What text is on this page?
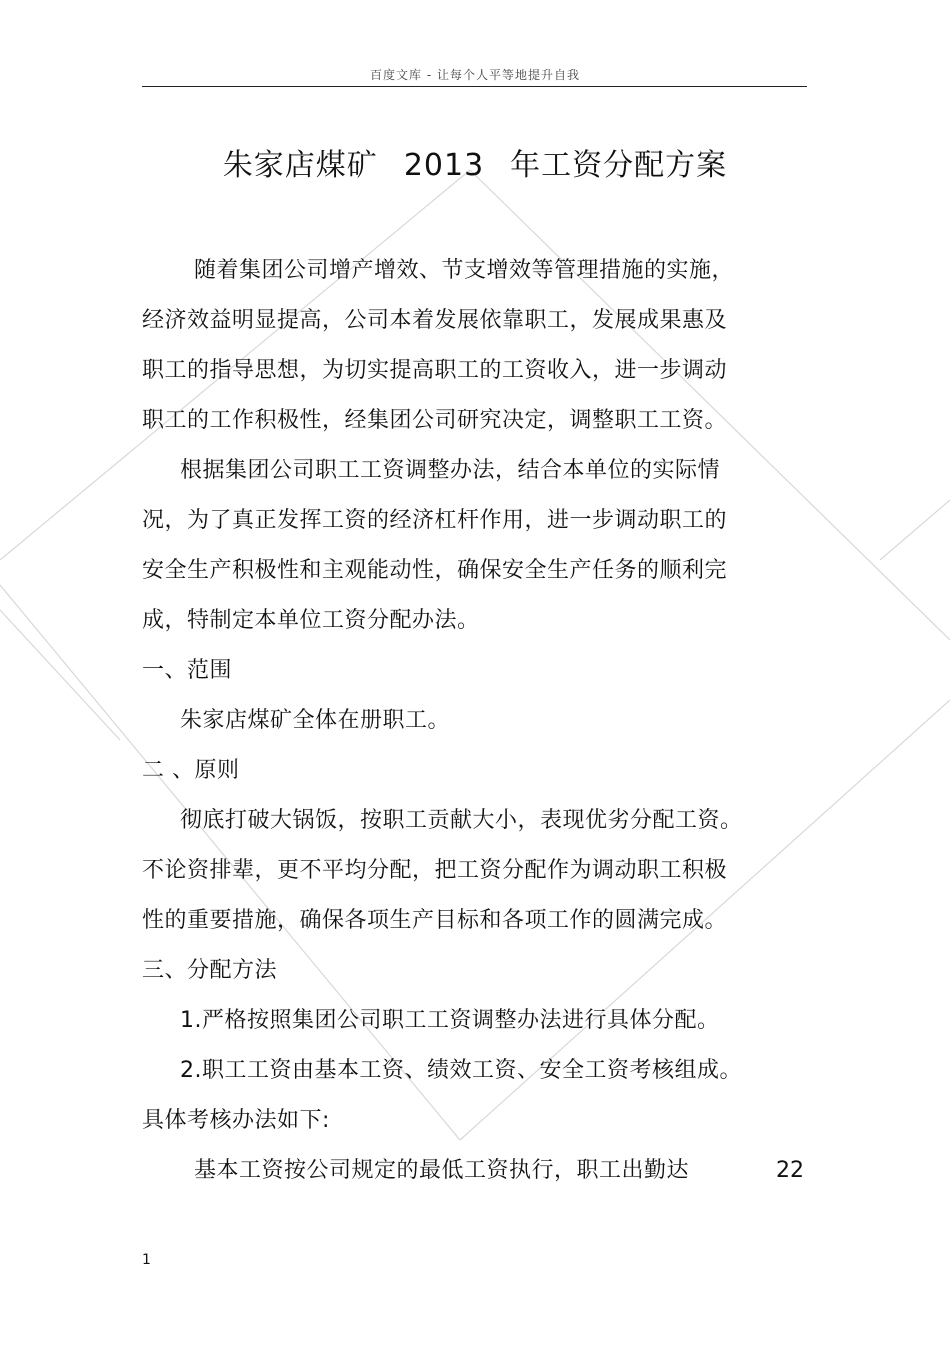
百度文库 - 让每个人平等地提升自我
朱家店煤矿 2013 年工资分配方案
随着集团公司增产增效、节支增效等管理措施的实施，
经济效益明显提高，公司本着发展依靠职工，发展成果惠及
职工的指导思想，为切实提高职工的工资收入，进一步调动
职工的工作积极性，经集团公司研究决定，调整职工工资。
根据集团公司职工工资调整办法，结合本单位的实际情
况，为了真正发挥工资的经济杠杆作用，进一步调动职工的
安全生产积极性和主观能动性，确保安全生产任务的顺利完
成，特制定本单位工资分配办法。
一、范围
朱家店煤矿全体在册职工。
二 、原则
彻底打破大锅饭，按职工贡献大小，表现优劣分配工资。
不论资排辈，更不平均分配，把工资分配作为调动职工积极
性的重要措施，确保各项生产目标和各项工作的圆满完成。
三、分配方法
1.严格按照集团公司职工工资调整办法进行具体分配。
2.职工工资由基本工资、绩效工资、安全工资考核组成。
具体考核办法如下:
基本工资按公司规定的最低工资执行，职工出勤达	22
1
